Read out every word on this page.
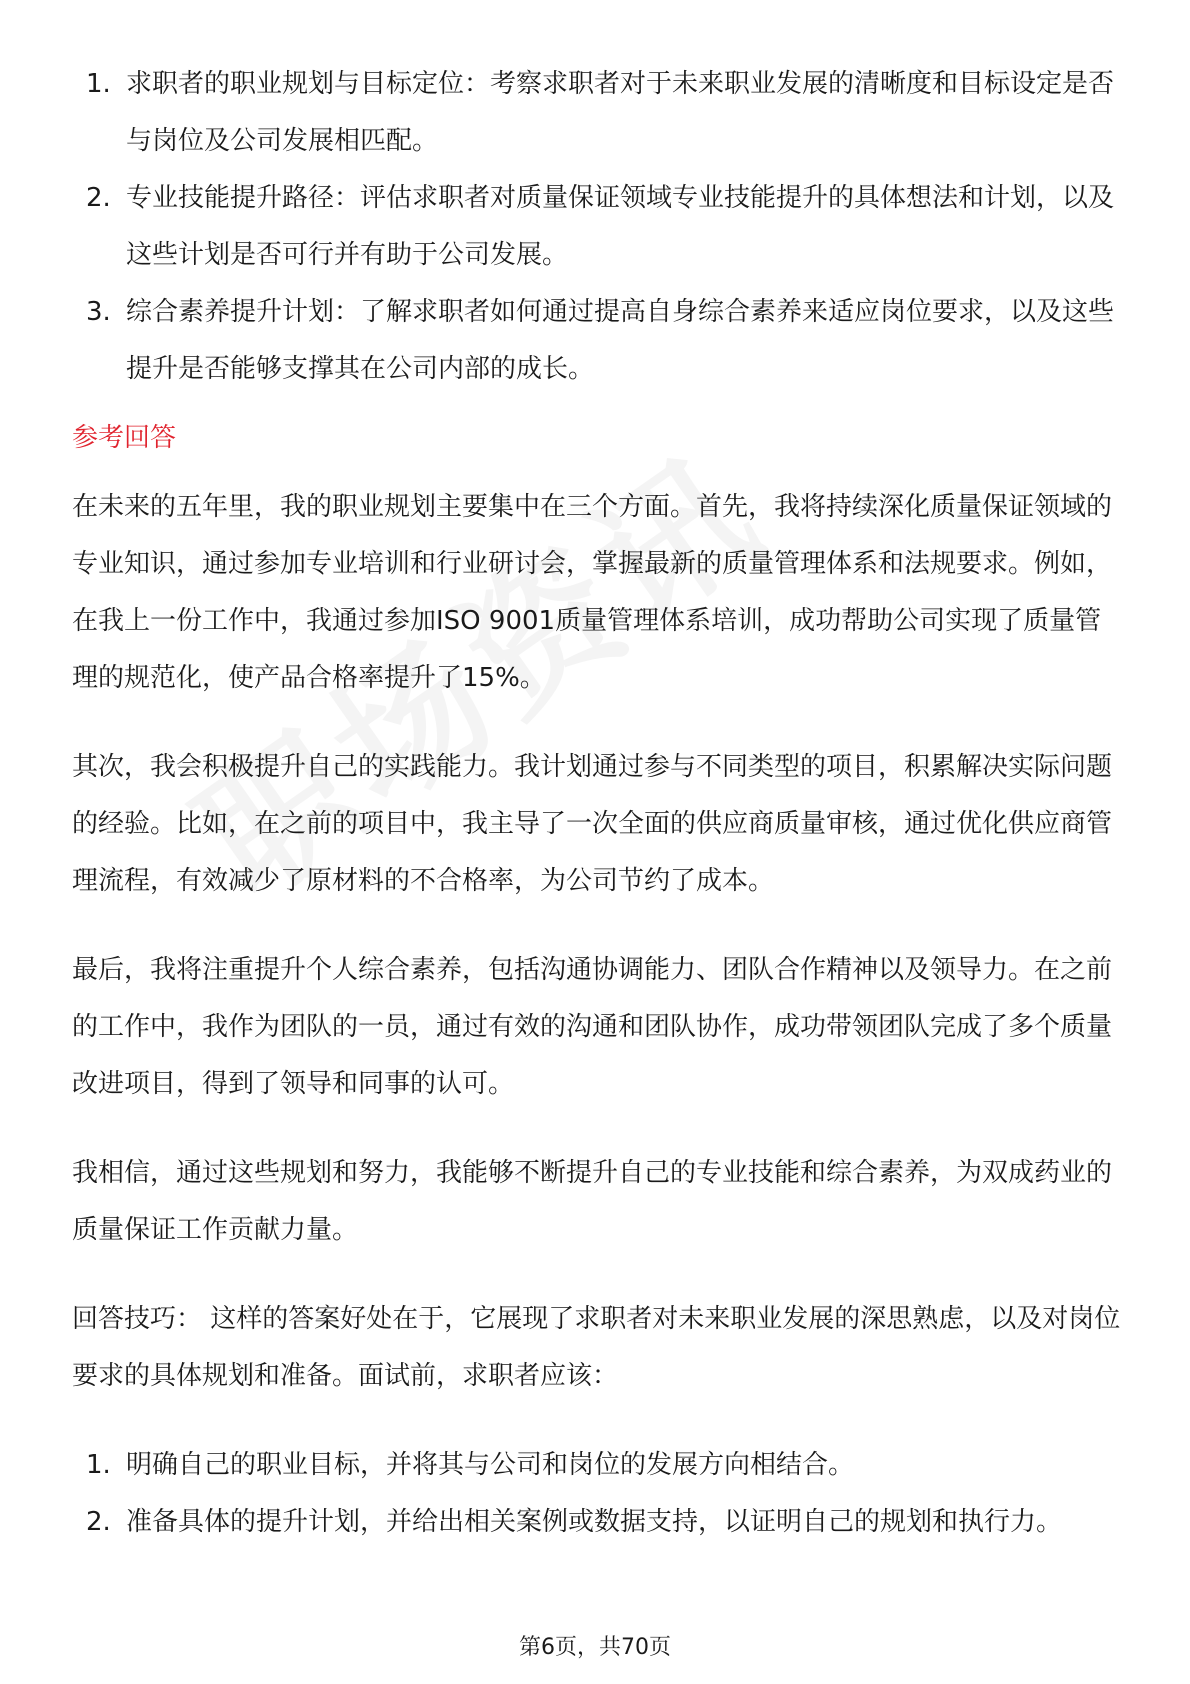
1. 求职者的职业规划与目标定位：考察求职者对于未来职业发展的清晰度和目标设定是否与岗位及公司发展相匹配。
2. 专业技能提升路径：评估求职者对质量保证领域专业技能提升的具体想法和计划，以及这些计划是否可行并有助于公司发展。
3. 综合素养提升计划：了解求职者如何通过提高自身综合素养来适应岗位要求，以及这些提升是否能够支撑其在公司内部的成长。
参考回答

在未来的五年里，我的职业规划主要集中在三个方面。首先，我将持续深化质量保证领域的专业知识，通过参加专业培训和行业研讨会，掌握最新的质量管理体系和法规要求。例如，在我上一份工作中，我通过参加ISO 9001质量管理体系培训，成功帮助公司实现了质量管理的规范化，使产品合格率提升了15%。

其次，我会积极提升自己的实践能力。我计划通过参与不同类型的项目，积累解决实际问题的经验。比如，在之前的项目中，我主导了一次全面的供应商质量审核，通过优化供应商管理流程，有效减少了原材料的不合格率，为公司节约了成本。

最后，我将注重提升个人综合素养，包括沟通协调能力、团队合作精神以及领导力。在之前的工作中，我作为团队的一员，通过有效的沟通和团队协作，成功带领团队完成了多个质量改进项目，得到了领导和同事的认可。

我相信，通过这些规划和努力，我能够不断提升自己的专业技能和综合素养，为双成药业的质量保证工作贡献力量。

回答技巧： 这样的答案好处在于，它展现了求职者对未来职业发展的深思熟虑，以及对岗位要求的具体规划和准备。面试前，求职者应该：

1. 明确自己的职业目标，并将其与公司和岗位的发展方向相结合。
2. 准备具体的提升计划，并给出相关案例或数据支持，以证明自己的规划和执行力。
第6页，共70页
